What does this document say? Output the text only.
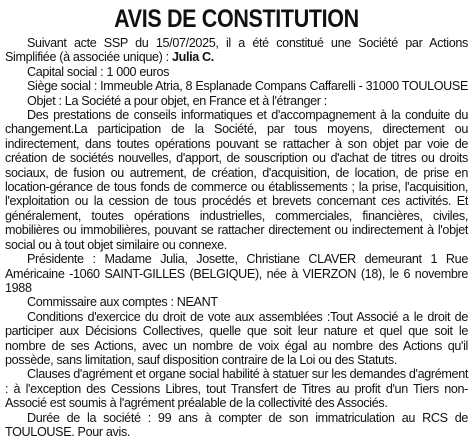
AVIS DE CONSTITUTION

Suivant acte SSP du 15/07/2025, il a été constitué une Société par Actions Simplifiée (à associée unique) : Julia C.

Capital social : 1 000 euros

Siège social : Immeuble Atria, 8 Esplanade Compans Caffarelli - 31000 TOULOUSE

Objet : La Société a pour objet, en France et à l'étranger :

Des prestations de conseils informatiques et d'accompagnement à la conduite du changement.La participation de la Société, par tous moyens, directement ou indirectement, dans toutes opérations pouvant se rattacher à son objet par voie de création de sociétés nouvelles, d'apport, de souscription ou d'achat de titres ou droits sociaux, de fusion ou autrement, de création, d'acquisition, de location, de prise en location-gérance de tous fonds de commerce ou établissements ; la prise, l'acquisition, l'exploitation ou la cession de tous procédés et brevets concernant ces activités. Et généralement, toutes opérations industrielles, commerciales, financières, civiles, mobilières ou immobilières, pouvant se rattacher directement ou indirectement à l'objet social ou à tout objet similaire ou connexe.

Présidente : Madame Julia, Josette, Christiane CLAVER demeurant 1 Rue Américaine -1060 SAINT-GILLES (BELGIQUE), née à VIERZON (18), le 6 novembre 1988

Commissaire aux comptes : NEANT

Conditions d'exercice du droit de vote aux assemblées :Tout Associé a le droit de participer aux Décisions Collectives, quelle que soit leur nature et quel que soit le nombre de ses Actions, avec un nombre de voix égal au nombre des Actions qu'il possède, sans limitation, sauf disposition contraire de la Loi ou des Statuts.

Clauses d'agrément et organe social habilité à statuer sur les demandes d'agrément : à l'exception des Cessions Libres, tout Transfert de Titres au profit d'un Tiers non-Associé est soumis à l'agrément préalable de la collectivité des Associés.

Durée de la société : 99 ans à compter de son immatriculation au RCS de TOULOUSE. Pour avis.
